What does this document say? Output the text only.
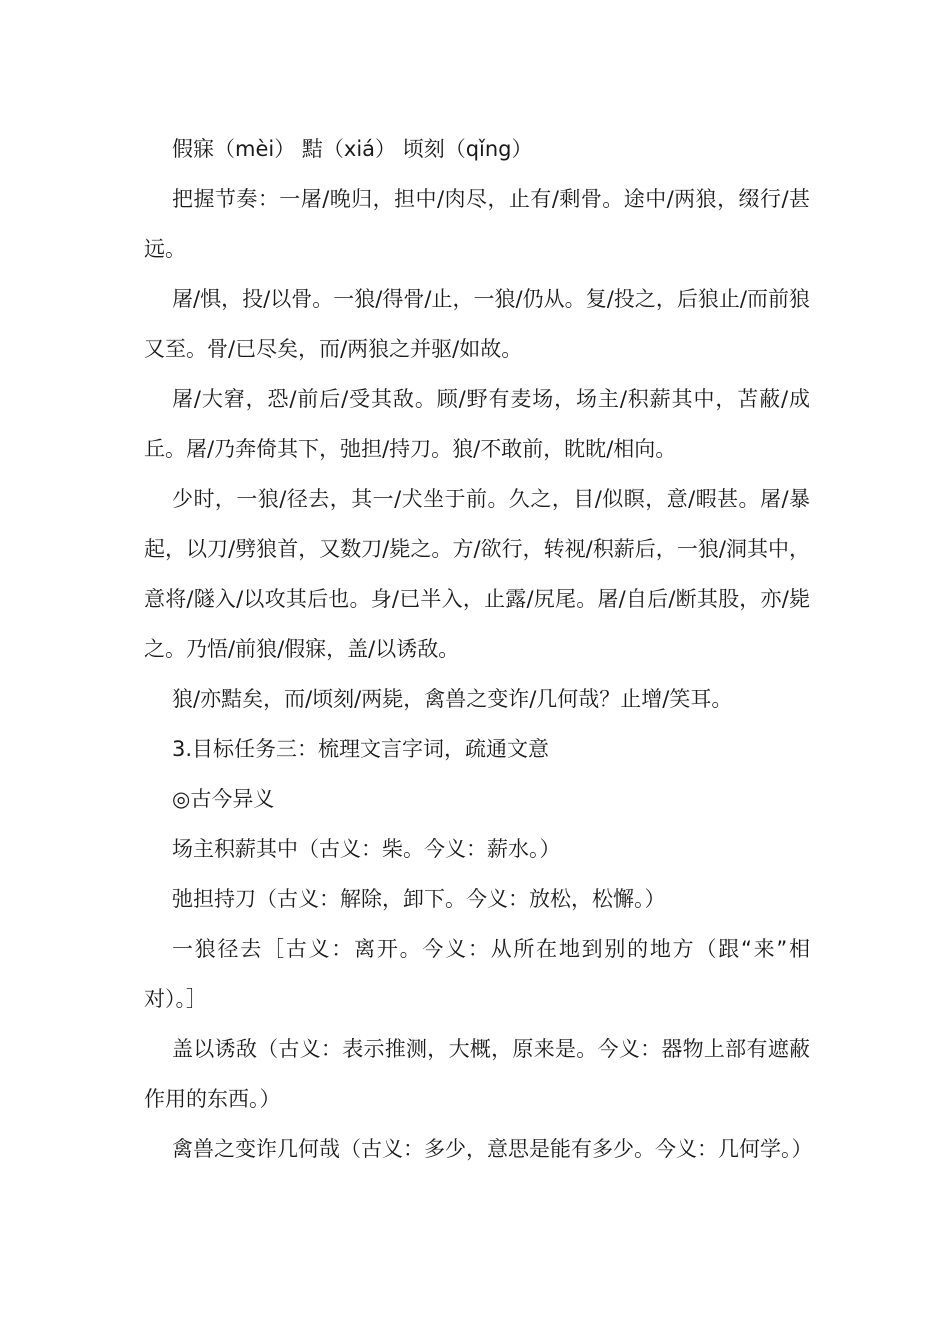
假寐（mèi） 黠（xiá） 顷刻（qǐng）

把握节奏：一屠/晚归，担中/肉尽，止有/剩骨。途中/两狼，缀行/甚远。

屠/惧，投/以骨。一狼/得骨/止，一狼/仍从。复/投之，后狼止/而前狼又至。骨/已尽矣，而/两狼之并驱/如故。

屠/大窘，恐/前后/受其敌。顾/野有麦场，场主/积薪其中，苫蔽/成丘。屠/乃奔倚其下，弛担/持刀。狼/不敢前，眈眈/相向。

少时，一狼/径去，其一/犬坐于前。久之，目/似瞑，意/暇甚。屠/暴起，以刀/劈狼首，又数刀/毙之。方/欲行，转视/积薪后，一狼/洞其中，意将/隧入/以攻其后也。身/已半入，止露/尻尾。屠/自后/断其股，亦/毙之。乃悟/前狼/假寐，盖/以诱敌。

狼/亦黠矣，而/顷刻/两毙，禽兽之变诈/几何哉？止增/笑耳。

3.目标任务三：梳理文言字词，疏通文意

◎古今异义

场主积薪其中（古义：柴。今义：薪水。）

弛担持刀（古义：解除，卸下。今义：放松，松懈。）

一狼径去［古义：离开。今义：从所在地到别的地方（跟“来”相对）。］

盖以诱敌（古义：表示推测，大概，原来是。今义：器物上部有遮蔽作用的东西。）

禽兽之变诈几何哉（古义：多少，意思是能有多少。今义：几何学。）
